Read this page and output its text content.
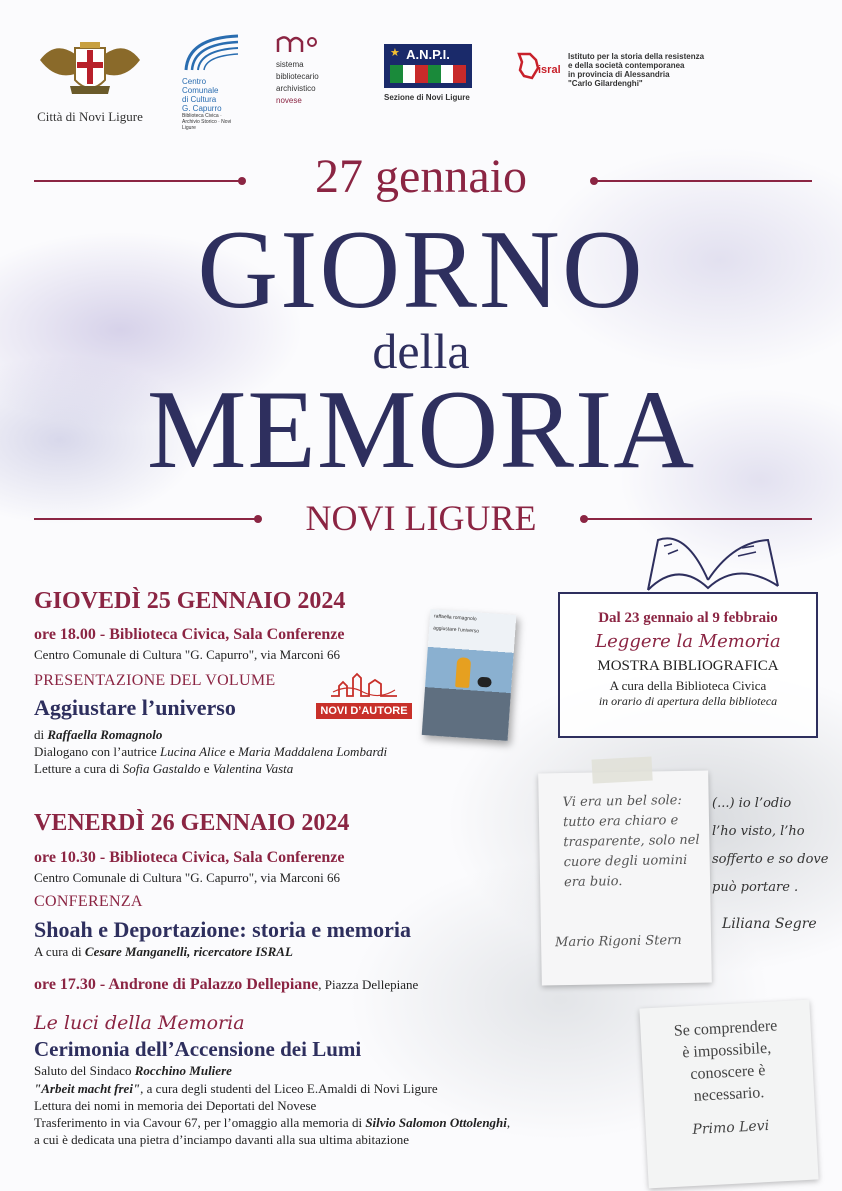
Città di Novi Ligure
Centro
Comunale
di Cultura
G. Capurro
Biblioteca Civica · Archivio Storico · Novi Ligure
sistema
bibliotecario
archivistico
novese
A.N.P.I.
★
Sezione di Novi Ligure
isral
Istituto per la storia della resistenza
e della società contemporanea
in provincia di Alessandria
"Carlo Gilardenghi"
27 gennaio
GIORNO
della
MEMORIA
NOVI LIGURE
GIOVEDÌ 25 GENNAIO 2024
ore 18.00 - Biblioteca Civica, Sala Conferenze
Centro Comunale di Cultura "G. Capurro", via Marconi 66
PRESENTAZIONE DEL VOLUME
Aggiustare l’universo
di Raffaella Romagnolo
Dialogano con l’autrice Lucina Alice e Maria Maddalena Lombardi
Letture a cura di Sofia Gastaldo e Valentina Vasta
NOVI D’AUTORE
raffaella romagnolo
aggiustare l’universo
Dal 23 gennaio al 9 febbraio
Leggere la Memoria
MOSTRA BIBLIOGRAFICA
A cura della Biblioteca Civica
in orario di apertura della biblioteca
VENERDÌ 26 GENNAIO 2024
ore 10.30 - Biblioteca Civica, Sala Conferenze
Centro Comunale di Cultura "G. Capurro", via Marconi 66
CONFERENZA
Shoah e Deportazione: storia e memoria
A cura di Cesare Manganelli, ricercatore ISRAL
ore 17.30 - Androne di Palazzo Dellepiane, Piazza Dellepiane
Le luci della Memoria
Cerimonia dell’Accensione dei Lumi
Saluto del Sindaco Rocchino Muliere
"Arbeit macht frei", a cura degli studenti del Liceo E.Amaldi di Novi Ligure
Lettura dei nomi in memoria dei Deportati del Novese
Trasferimento in via Cavour 67, per l’omaggio alla memoria di Silvio Salomon Ottolenghi,
a cui è dedicata una pietra d’inciampo davanti alla sua ultima abitazione
Vi era un bel sole:
tutto era chiaro e
trasparente, solo nel
cuore degli uomini
era buio.
Mario Rigoni Stern
(...) io l’odio
l’ho visto, l’ho
sofferto e so dove
può portare .
Liliana Segre
Se comprendere
è impossibile,
conoscere è
necessario.
Primo Levi
